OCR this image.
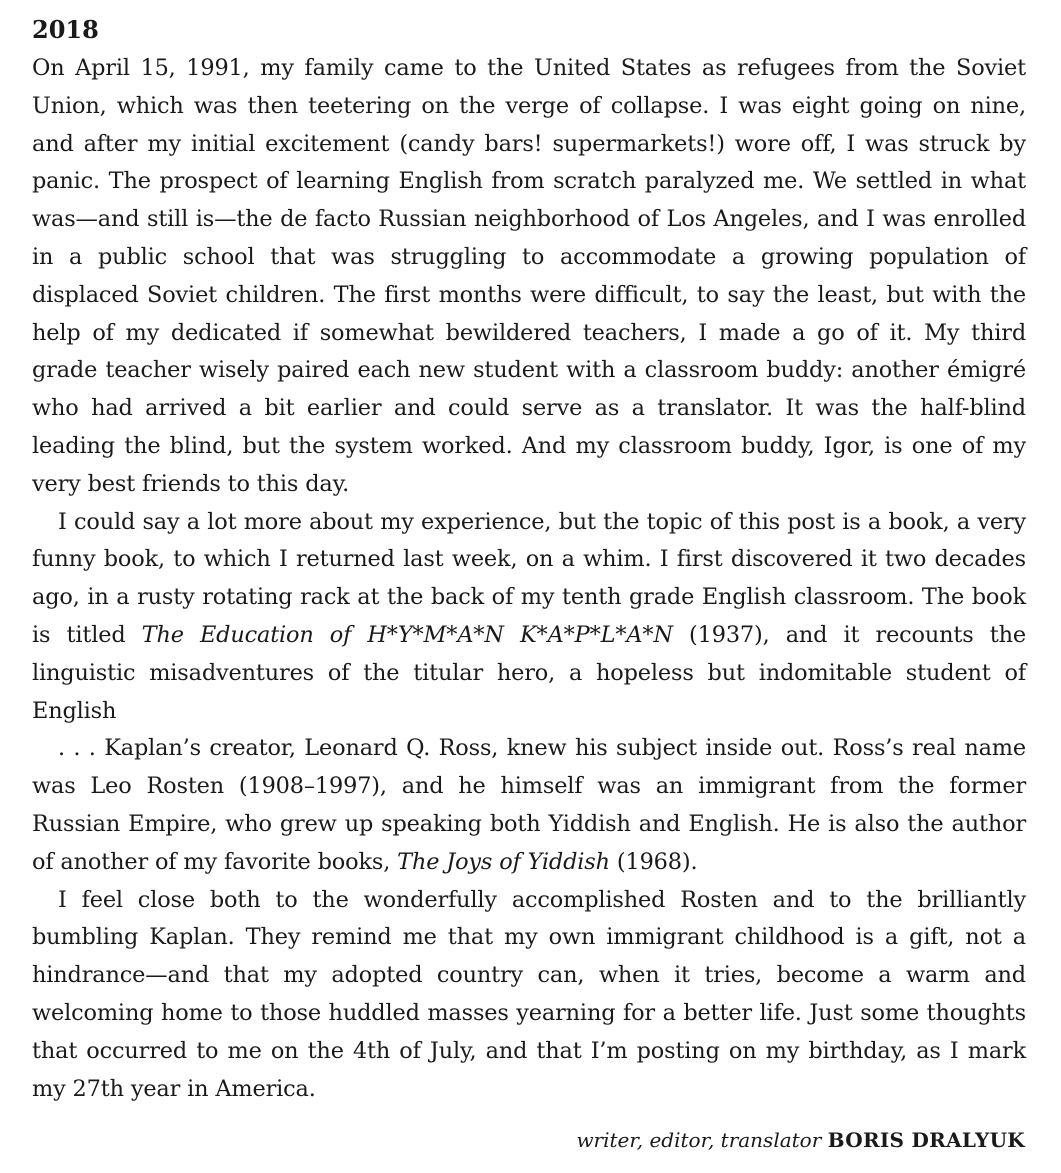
2018

On April 15, 1991, my family came to the United States as refugees from the Soviet Union, which was then teetering on the verge of collapse. I was eight going on nine, and after my initial excitement (candy bars! supermarkets!) wore off, I was struck by panic. The prospect of learning English from scratch paralyzed me. We settled in what was—and still is—the de facto Russian neighborhood of Los Angeles, and I was enrolled in a public school that was struggling to accommodate a growing population of displaced Soviet children. The first months were difficult, to say the least, but with the help of my dedicated if somewhat bewildered teachers, I made a go of it. My third grade teacher wisely paired each new student with a classroom buddy: another émigré who had arrived a bit earlier and could serve as a translator. It was the half-blind leading the blind, but the system worked. And my classroom buddy, Igor, is one of my very best friends to this day.

I could say a lot more about my experience, but the topic of this post is a book, a very funny book, to which I returned last week, on a whim. I first discovered it two decades ago, in a rusty rotating rack at the back of my tenth grade English classroom. The book is titled The Education of H*Y*M*A*N K*A*P*L*A*N (1937), and it recounts the linguistic misadventures of the titular hero, a hopeless but indomitable student of English

. . . Kaplan’s creator, Leonard Q. Ross, knew his subject inside out. Ross’s real name was Leo Rosten (1908–1997), and he himself was an immigrant from the former Russian Empire, who grew up speaking both Yiddish and English. He is also the author of another of my favorite books, The Joys of Yiddish (1968).

I feel close both to the wonderfully accomplished Rosten and to the brilliantly bumbling Kaplan. They remind me that my own immigrant childhood is a gift, not a hindrance—and that my adopted country can, when it tries, become a warm and welcoming home to those huddled masses yearning for a better life. Just some thoughts that occurred to me on the 4th of July, and that I’m posting on my birthday, as I mark my 27th year in America.

writer, editor, translator BORIS DRALYUK
